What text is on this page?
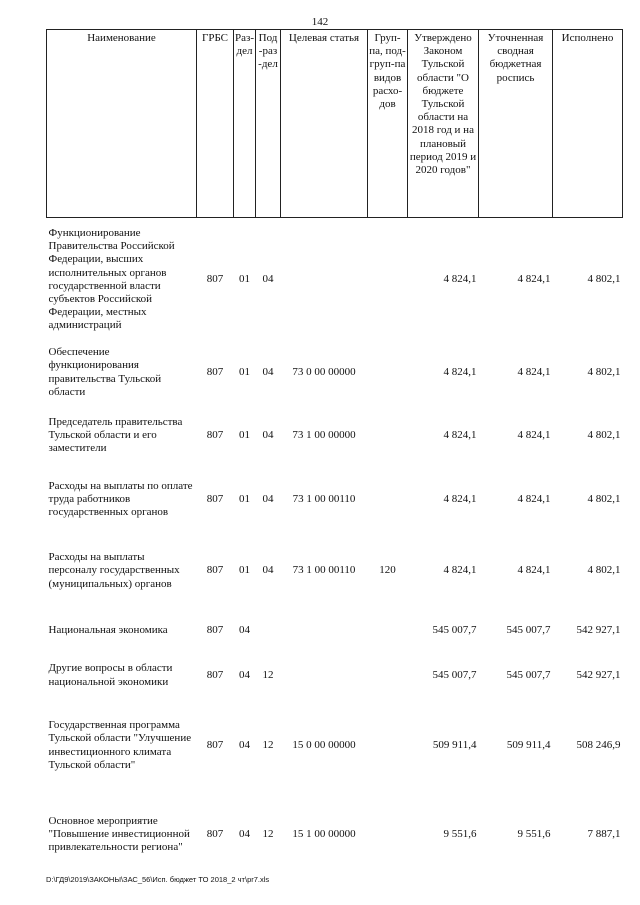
142
Наименование	ГРБС	Раз-дел	Под-раз-дел	Целевая статья	Груп-па, под-груп-па видов расхо-дов	Утверждено Законом Тульской области "О бюджете Тульской области на 2018 год и на плановый период 2019 и 2020 годов"	Уточненная сводная бюджетная роспись	Исполнено
Функционирование Правительства Российской Федерации, высших исполнительных органов государственной власти субъектов Российской Федерации, местных администраций	807	01	04			4 824,1	4 824,1	4 802,1
Обеспечение функционирования правительства Тульской области	807	01	04	73 0 00 00000		4 824,1	4 824,1	4 802,1
Председатель правительства Тульской области и его заместители	807	01	04	73 1 00 00000		4 824,1	4 824,1	4 802,1
Расходы на выплаты по оплате труда работников государственных органов	807	01	04	73 1 00 00110		4 824,1	4 824,1	4 802,1
Расходы на выплаты персоналу государственных (муниципальных) органов	807	01	04	73 1 00 00110	120	4 824,1	4 824,1	4 802,1
Национальная экономика	807	04				545 007,7	545 007,7	542 927,1
Другие вопросы в области национальной экономики	807	04	12			545 007,7	545 007,7	542 927,1
Государственная программа Тульской области "Улучшение инвестиционного климата Тульской области"	807	04	12	15 0 00 00000		509 911,4	509 911,4	508 246,9
Основное мероприятие "Повышение инвестиционной привлекательности региона"	807	04	12	15 1 00 00000		9 551,6	9 551,6	7 887,1
D:\ГД9\2019\ЗАКОНЫ\ЗАС_56\Исп. бюджет ТО 2018_2 чт\pr7.xls
